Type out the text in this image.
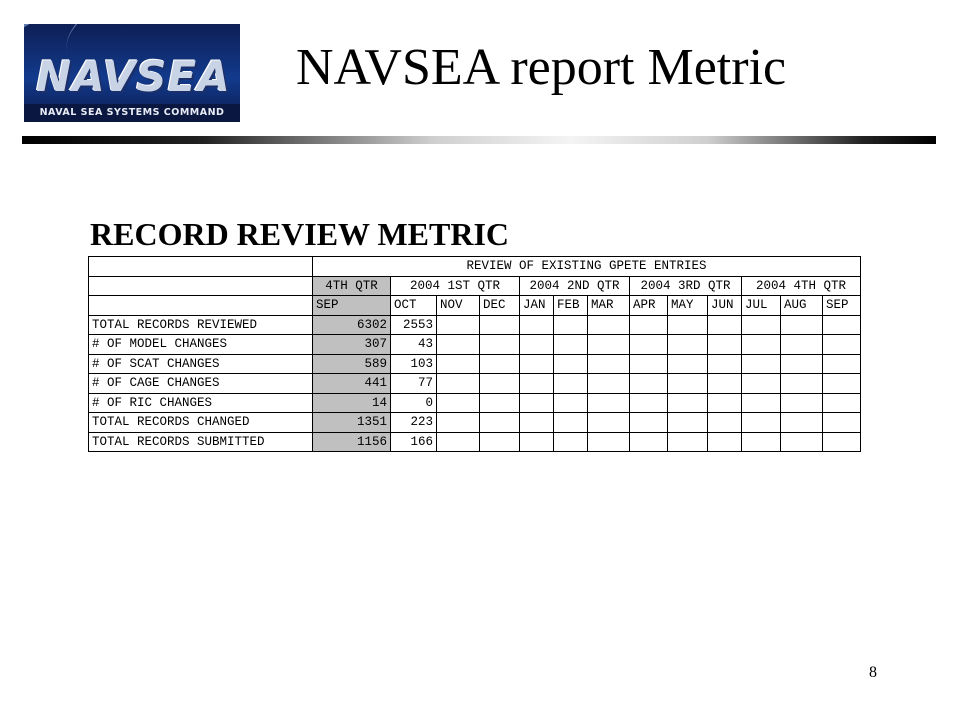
NAVSEA
NAVAL SEA SYSTEMS COMMAND
NAVSEA report Metric
RECORD REVIEW METRIC
	REVIEW OF EXISTING GPETE ENTRIES												
	4TH QTR	2004 1ST QTR			2004 2ND QTR			2004 3RD QTR			2004 4TH QTR		
	SEP	OCT	NOV	DEC	JAN	FEB	MAR	APR	MAY	JUN	JUL	AUG	SEP
TOTAL RECORDS REVIEWED	6302	2553											
# OF MODEL CHANGES	307	43											
# OF SCAT CHANGES	589	103											
# OF CAGE CHANGES	441	77											
# OF RIC CHANGES	14	0											
TOTAL RECORDS CHANGED	1351	223											
TOTAL RECORDS SUBMITTED	1156	166											
8
